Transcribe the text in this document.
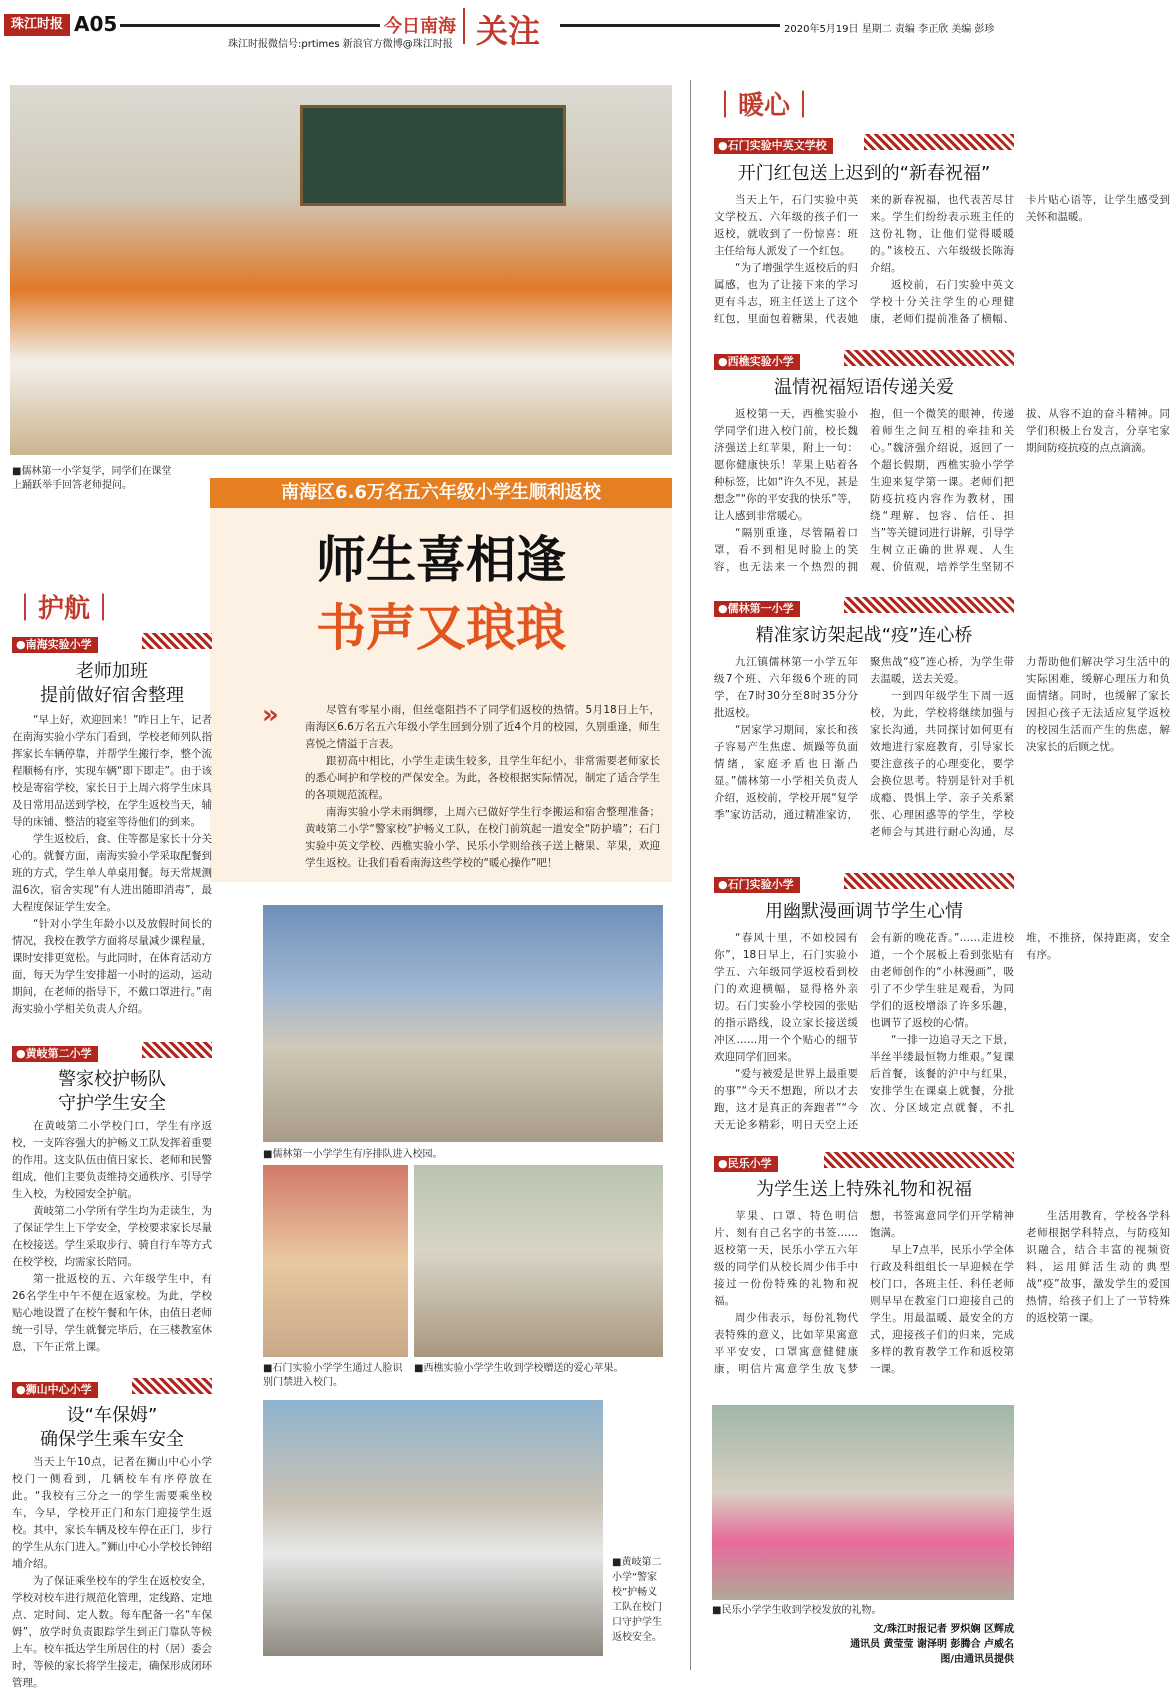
珠江时报 A05	今日南海 关注
珠江时报微信号:prtimes 新浪官方微博@珠江时报
2020年5月19日 星期二 责编 李正欣 美编 彭珍
■儒林第一小学复学，同学们在课堂上踊跃举手回答老师提问。	南海区6.6万名五六年级小学生顺利返校
师生喜相逢
书声又琅琅
»	尽管有零星小雨，但丝毫阻挡不了同学们返校的热情。5月18日上午，南海区6.6万名五六年级小学生回到分别了近4个月的校园，久别重逢，师生喜悦之情溢于言表。

跟初高中相比，小学生走读生较多，且学生年纪小，非常需要老师家长的悉心呵护和学校的严保安全。为此，各校根据实际情况，制定了适合学生的各项规范流程。

南海实验小学未雨绸缪，上周六已做好学生行李搬运和宿舍整理准备；黄岐第二小学“警家校”护畅义工队，在校门前筑起一道安全“防护墙”；石门实验中英文学校、西樵实验小学、民乐小学则给孩子送上糖果、苹果，欢迎学生返校。让我们看看南海这些学校的“暖心操作”吧！

｜护航｜
●南海实验小学
老师加班
提前做好宿舍整理

“早上好，欢迎回来！”昨日上午，记者在南海实验小学东门看到，学校老师列队指挥家长车辆停靠，并帮学生搬行李，整个流程顺畅有序，实现车辆“即下即走”。由于该校是寄宿学校，家长日于上周六将学生床具及日常用品送到学校，在学生返校当天，辅导的床铺、整洁的寝室等待他们的到来。

学生返校后，食、住等都是家长十分关心的。就餐方面，南海实验小学采取配餐到班的方式，学生单人单桌用餐。每天常规测温6次，宿舍实现“有人进出随即消毒”，最大程度保证学生安全。

“针对小学生年龄小以及放假时间长的情况，我校在教学方面将尽量减少课程量，课时安排更宽松。与此同时，在体育活动方面，每天为学生安排超一小时的运动，运动期间，在老师的指导下，不戴口罩进行。”南海实验小学相关负责人介绍。

●黄岐第二小学
警家校护畅队
守护学生安全

在黄岐第二小学校门口，学生有序返校，一支阵容强大的护畅义工队发挥着重要的作用。这支队伍由值日家长、老师和民警组成，他们主要负责维持交通秩序、引导学生入校，为校园安全护航。

黄岐第二小学所有学生均为走读生，为了保证学生上下学安全，学校要求家长尽量在校接送。学生采取步行、骑自行车等方式在校学校，均需家长陪同。

第一批返校的五、六年级学生中，有26名学生中午不便在返家校。为此，学校贴心地设置了在校午餐和午休，由值日老师统一引导，学生就餐完毕后，在三楼教室休息，下午正常上课。

●狮山中心小学
设“车保姆”
确保学生乘车安全

当天上午10点，记者在狮山中心小学校门一侧看到，几辆校车有序停放在此。“我校有三分之一的学生需要乘坐校车，今早，学校开正门和东门迎接学生返校。其中，家长车辆及校车停在正门，步行的学生从东门进入。”狮山中心小学校长钟绍埔介绍。

为了保证乘坐校车的学生在返校安全，学校对校车进行规范化管理，定线路、定地点、定时间、定人数。每车配备一名“车保姆”，放学时负责跟踪学生到正门靠队等候上车。校车抵达学生所居住的村（居）委会时，等候的家长将学生接走，确保形成闭环管理。

■儒林第一小学学生有序排队进入校园。
■石门实验小学学生通过人脸识别门禁进入校门。
■西樵实验小学学生收到学校赠送的爱心苹果。
■黄岐第二小学“警家校”护畅义工队在校门口守护学生返校安全。
｜暖心｜
●石门实验中英文学校
开门红包送上迟到的“新春祝福”

当天上午，石门实验中英文学校五、六年级的孩子们一返校，就收到了一份惊喜：班主任给每人派发了一个红包。

“为了增强学生返校后的归属感，也为了让接下来的学习更有斗志，班主任送上了这个红包，里面包着糖果，代表她来的新春祝福，也代表苦尽甘来。学生们纷纷表示班主任的这份礼物，让他们觉得暖暖的。”该校五、六年级级长陈海介绍。

返校前，石门实验中英文学校十分关注学生的心理健康，老师们提前准备了横幅、卡片贴心语等，让学生感受到关怀和温暖。

●西樵实验小学
温情祝福短语传递关爱

返校第一天，西樵实验小学同学们进入校门前，校长魏济强送上红苹果，附上一句：愿你健康快乐！苹果上贴着各种标签，比如“许久不见，甚是想念”“你的平安我的快乐”等，让人感到非常暖心。

“隔别重逢，尽管隔着口罩，看不到相见时脸上的笑容，也无法来一个热烈的拥抱，但一个微笑的眼神，传递着师生之间互相的牵挂和关心。”魏济强介绍说，返回了一个超长假期，西樵实验小学学生迎来复学第一课。老师们把防疫抗疫内容作为教材，围绕“理解、包容、信任、担当”等关键词进行讲解，引导学生树立正确的世界观、人生观、价值观，培养学生坚韧不拔、从容不迫的奋斗精神。同学们积极上台发言，分享宅家期间防疫抗疫的点点滴滴。

●儒林第一小学
精准家访架起战“疫”连心桥

九江镇儒林第一小学五年级7个班、六年级6个班的同学，在7时30分至8时35分分批返校。

“居家学习期间，家长和孩子容易产生焦虑、烦躁等负面情绪，家庭矛盾也日渐凸显。”儒林第一小学相关负责人介绍，返校前，学校开展“复学季”家访活动，通过精准家访，聚焦战“疫”连心桥，为学生带去温暖，送去关爱。

一到四年级学生下周一返校，为此，学校将继续加强与家长沟通，共同探讨如何更有效地进行家庭教育，引导家长要注意孩子的心理变化，要学会换位思考。特别是针对手机成瘾、畏惧上学、亲子关系紧张、心理困惑等的学生，学校老师会与其进行耐心沟通，尽力帮助他们解决学习生活中的实际困难，缓解心理压力和负面情绪。同时，也缓解了家长因担心孩子无法适应复学返校的校园生活而产生的焦虑，解决家长的后顾之忧。

●石门实验小学
用幽默漫画调节学生心情

“春风十里，不如校园有你”，18日早上，石门实验小学五、六年级同学返校看到校门的欢迎横幅，显得格外亲切。石门实验小学校园的张贴的指示路线，设立家长接送缓冲区……用一个个贴心的细节欢迎同学们回来。

“爱与被爱是世界上最重要的事”“今天不想跑，所以才去跑，这才是真正的奔跑者”“今天无论多精彩，明日天空上还会有新的晚花香。”……走进校道，一个个展板上看到张贴有由老师创作的“小林漫画”，吸引了不少学生驻足观看，为同学们的返校增添了许多乐趣，也调节了返校的心情。

“一排一边追寻天之下景，半丝半缕最恒物力维艰。”复课后首餐，该餐的沪中与红果，安排学生在课桌上就餐，分批次、分区域定点就餐，不扎堆，不推挤，保持距离，安全有序。

●民乐小学
为学生送上特殊礼物和祝福

苹果、口罩、特色明信片、刻有自己名字的书签……返校第一天，民乐小学五六年级的同学们从校长周少伟手中接过一份份特殊的礼物和祝福。

周少伟表示，每份礼物代表特殊的意义，比如苹果寓意平平安安，口罩寓意健健康康，明信片寓意学生放飞梦想，书签寓意同学们开学精神饱满。

早上7点半，民乐小学全体行政及科组组长一早迎候在学校门口，各班主任、科任老师则早早在教室门口迎接自己的学生。用最温暖、最安全的方式，迎接孩子们的归来，完成多样的教育教学工作和返校第一课。

生活用教育，学校各学科老师根据学科特点，与防疫知识融合，结合丰富的视频资料，运用鲜活生动的典型战“疫”故事，激发学生的爱国热情，给孩子们上了一节特殊的返校第一课。

■民乐小学学生收到学校发放的礼物。
文/珠江时报记者 罗炽娴 区辉成
通讯员 黄莹莹 谢泽明 彭腾合 卢威名
图/由通讯员提供
